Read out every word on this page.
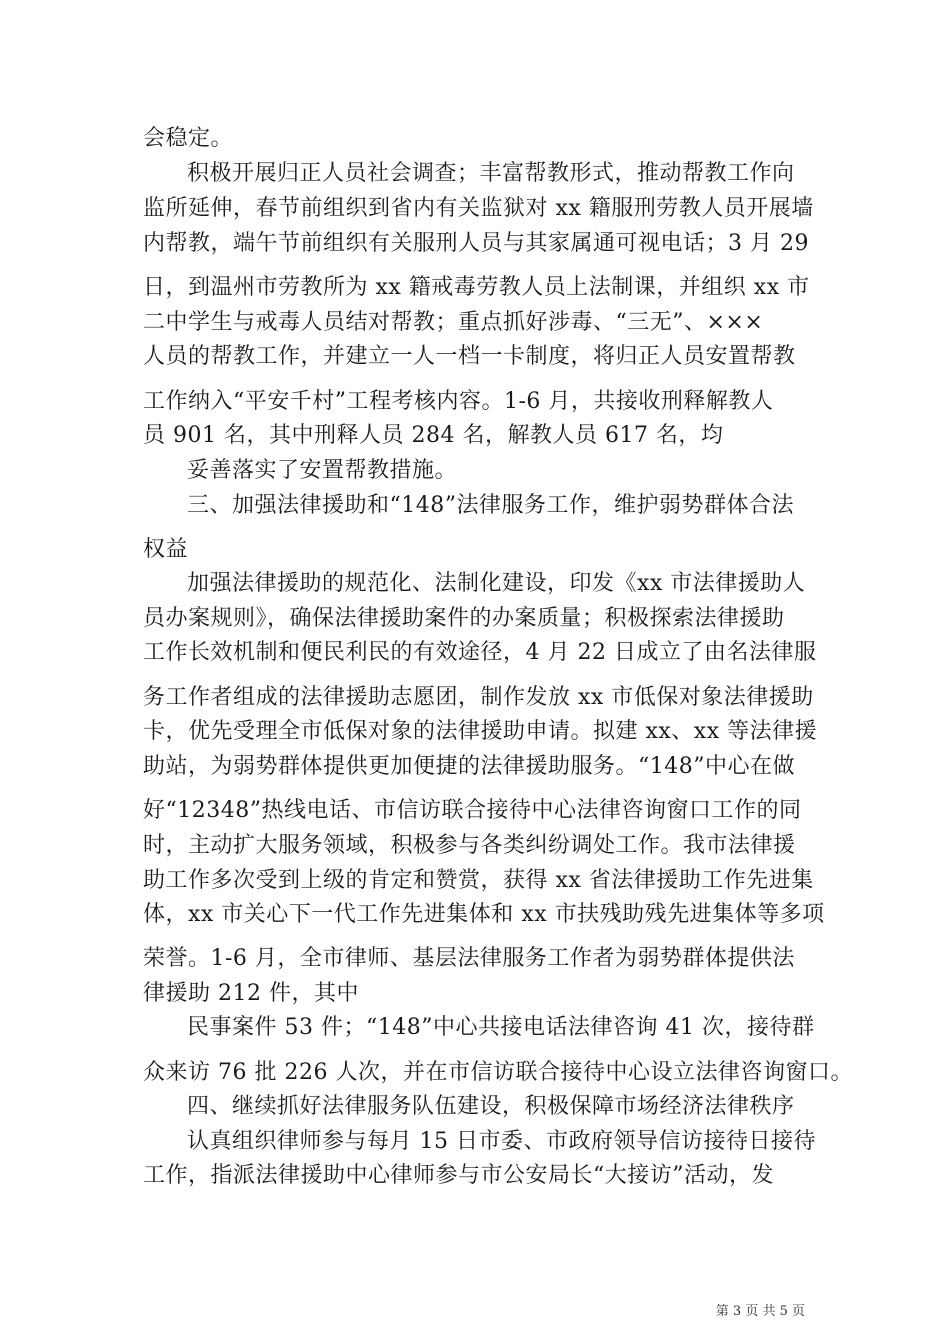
会稳定。
积极开展归正人员社会调查；丰富帮教形式，推动帮教工作向
监所延伸，春节前组织到省内有关监狱对 xx 籍服刑劳教人员开展墙
内帮教，端午节前组织有关服刑人员与其家属通可视电话；3 月 29
日，到温州市劳教所为 xx 籍戒毒劳教人员上法制课，并组织 xx 市
二中学生与戒毒人员结对帮教；重点抓好涉毒、“三无”、×××
人员的帮教工作，并建立一人一档一卡制度，将归正人员安置帮教
工作纳入“平安千村”工程考核内容。1-6 月，共接收刑释解教人
员 901 名，其中刑释人员 284 名，解教人员 617 名，均
妥善落实了安置帮教措施。
三、加强法律援助和“148”法律服务工作，维护弱势群体合法
权益
加强法律援助的规范化、法制化建设，印发《xx 市法律援助人
员办案规则》，确保法律援助案件的办案质量；积极探索法律援助
工作长效机制和便民利民的有效途径，4 月 22 日成立了由名法律服
务工作者组成的法律援助志愿团，制作发放 xx 市低保对象法律援助
卡，优先受理全市低保对象的法律援助申请。拟建 xx、xx 等法律援
助站，为弱势群体提供更加便捷的法律援助服务。“148”中心在做
好“12348”热线电话、市信访联合接待中心法律咨询窗口工作的同
时，主动扩大服务领域，积极参与各类纠纷调处工作。我市法律援
助工作多次受到上级的肯定和赞赏，获得 xx 省法律援助工作先进集
体，xx 市关心下一代工作先进集体和 xx 市扶残助残先进集体等多项
荣誉。1-6 月，全市律师、基层法律服务工作者为弱势群体提供法
律援助 212 件，其中
民事案件 53 件；“148”中心共接电话法律咨询 41 次，接待群
众来访 76 批 226 人次，并在市信访联合接待中心设立法律咨询窗口。
四、继续抓好法律服务队伍建设，积极保障市场经济法律秩序
认真组织律师参与每月 15 日市委、市政府领导信访接待日接待
工作，指派法律援助中心律师参与市公安局长“大接访”活动，发
第 3 页 共 5 页
